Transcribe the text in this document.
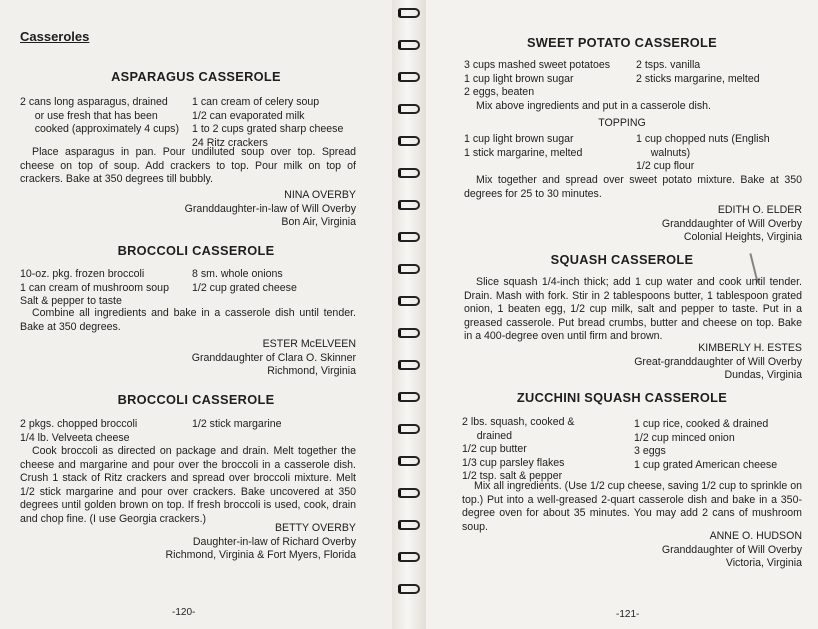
Casseroles
ASPARAGUS CASSEROLE
2 cans long asparagus, drained
or use fresh that has been
cooked (approximately 4 cups)
1 can cream of celery soup
1/2 can evaporated milk
1 to 2 cups grated sharp cheese
24 Ritz crackers
Place asparagus in pan. Pour undiluted soup over top. Spread cheese on top of soup. Add crackers to top. Pour milk on top of crackers. Bake at 350 degrees till bubbly.
NINA OVERBY
Granddaughter-in-law of Will Overby
Bon Air, Virginia
BROCCOLI CASSEROLE
10-oz. pkg. frozen broccoli
1 can cream of mushroom soup
Salt & pepper to taste
8 sm. whole onions
1/2 cup grated cheese
Combine all ingredients and bake in a casserole dish until tender. Bake at 350 degrees.
ESTER McELVEEN
Granddaughter of Clara O. Skinner
Richmond, Virginia
BROCCOLI CASSEROLE
2 pkgs. chopped broccoli
1/4 lb. Velveeta cheese
1/2 stick margarine
Cook broccoli as directed on package and drain. Melt together the cheese and margarine and pour over the broccoli in a casserole dish. Crush 1 stack of Ritz crackers and spread over broccoli mixture. Melt 1/2 stick margarine and pour over crackers. Bake uncovered at 350 degrees until golden brown on top. If fresh broccoli is used, cook, drain and chop fine. (I use Georgia crackers.)
BETTY OVERBY
Daughter-in-law of Richard Overby
Richmond, Virginia & Fort Myers, Florida
-120-
SWEET POTATO CASSEROLE
3 cups mashed sweet potatoes
1 cup light brown sugar
2 eggs, beaten
2 tsps. vanilla
2 sticks margarine, melted
Mix above ingredients and put in a casserole dish.
TOPPING
1 cup light brown sugar
1 stick margarine, melted
1 cup chopped nuts (English
walnuts)
1/2 cup flour
Mix together and spread over sweet potato mixture. Bake at 350 degrees for 25 to 30 minutes.
EDITH O. ELDER
Granddaughter of Will Overby
Colonial Heights, Virginia
SQUASH CASSEROLE
Slice squash 1/4-inch thick; add 1 cup water and cook until tender. Drain. Mash with fork. Stir in 2 tablespoons butter, 1 tablespoon grated onion, 1 beaten egg, 1/2 cup milk, salt and pepper to taste. Put in a greased casserole. Put bread crumbs, butter and cheese on top. Bake in a 400-degree oven until firm and brown.
KIMBERLY H. ESTES
Great-granddaughter of Will Overby
Dundas, Virginia
ZUCCHINI SQUASH CASSEROLE
2 lbs. squash, cooked &
drained
1/2 cup butter
1/3 cup parsley flakes
1/2 tsp. salt & pepper
1 cup rice, cooked & drained
1/2 cup minced onion
3 eggs
1 cup grated American cheese
Mix all ingredients. (Use 1/2 cup cheese, saving 1/2 cup to sprinkle on top.) Put into a well-greased 2-quart casserole dish and bake in a 350-degree oven for about 35 minutes. You may add 2 cans of mushroom soup.
ANNE O. HUDSON
Granddaughter of Will Overby
Victoria, Virginia
-121-
